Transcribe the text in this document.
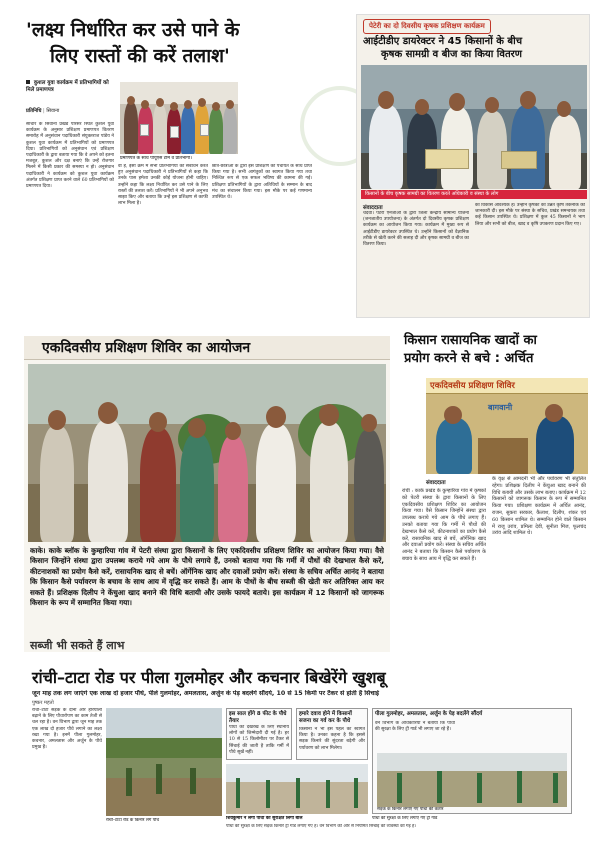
'लक्ष्य निर्धारित कर उसे पाने के
लिए रास्तों की करें तलाश'
कुशल युवा कार्यक्रम में प्रतिभागियों को मिले प्रमाणपत्र
प्रतिनिधि | सिवाना
प्रमाणपत्र के साथ पीयूएस टीम व प्रतिभागी।
सांचौर के सिवाना प्रखंड परिसर स्थित कुशल युवा कार्यक्रम के अनुसार प्रशिक्षण प्रमाणपत्र वितरण समारोह में अनुसंधान पदाधिकारी संयुक्तराज पांडेय ने कुशल युवा कार्यक्रम में प्रतिभागियों को प्रमाणपत्र दिया। प्रतिभागियों को अनुसंधान एवं प्रशिक्षण पदाधिकारी के द्वारा बताया गया कि वे अपने को इतना मजबूत, कुशल और दक्ष बनाएं कि उन्हें रोजगार मिलने में किसी प्रकार की समस्या न हो। अनुसंधान पदाधिकारी ने कार्यक्रम को कुशल युवा कार्यक्रम अंतर्गत प्रशिक्षण प्राप्त करने वाले 60 प्रतिभागियों को प्रमाणपत्र दिया।
वो है, इसी क्रम में सभी प्रतिभागियों को संबोधन करते हुए अनुसंधान पदाधिकारी ने प्रतिभागियों से कहा कि उनके पास हमेशा उनकी कोई योजना होनी चाहिए। उन्होंने कहा कि लक्ष्य निर्धारित कर उसे पाने के लिए रास्तों की तलाश करें। प्रतिभागियों ने भी अपने अनुभव साझा किए और बताया कि उन्हें इस प्रशिक्षण से काफी लाभ मिला है।
छात्र-छात्राओं के द्वारा इस प्रशिक्षण को पंचायत के साथ प्राप्त किया गया है। सभी आगंतुकों का स्वागत किया गया तथा निश्चित रूप से एक सफल भविष्य की कामना की गई। प्रशिक्षण प्रतिभागियों के द्वारा अतिथियों के सम्मान के बाद मंच का संचालन किया गया। इस मौके पर कई गणमान्य उपस्थित थे।
पेटेरी का दो दिवसीय कृषक प्रशिक्षण कार्यक्रम
आईटीडीए डायरेक्टर ने 45 किसानों के बीच
कृषक सामग्री व बीज का किया वितरण
किसानों के बीच कृषक सामग्री का वितरण करते अधिकारी व संस्था के लोग
संवाददाता
चंदवा। पेटेरी एनजीओ के द्वारा जिला केन्द्रीय सामान्य योजना (जनजातीय उपयोजना) के अंतर्गत दो दिवसीय कृषक प्रशिक्षण कार्यक्रम का आयोजन किया गया। कार्यक्रम में मुख्य रूप से आईटीडीए डायरेक्टर उपस्थित थे। उन्होंने किसानों को वैज्ञानिक तरीके से खेती करने की सलाह दी और कृषक सामग्री व बीज का वितरण किया।
का विकास आवश्यक है। उन्होंने कृषकों को उन्नत कृषि तकनीक की जानकारी दी। इस मौके पर संस्था के सचिव, प्रखंड समन्वयक तथा कई किसान उपस्थित थे। प्रशिक्षण में कुल 45 किसानों ने भाग लिया और सभी को बीज, खाद व कृषि उपकरण प्रदान किए गए।
एकदिवसीय प्रशिक्षण शिविर का आयोजन
काके। काके ब्लॉक के कुम्हारिया गांव में पेटरी संस्था द्वारा किसानों के लिए एकदिवसीय प्रशिक्षण शिविर का आयोजन किया गया। वैसे किसान जिन्होंने संस्था द्वारा उपलब्ध कराये गये आम के पौधे लगाये हैं, उनको बताया गया कि गर्मी में पौधों की देखभाल कैसे करें, कीटनाशकों का प्रयोग कैसे करें, रासायनिक खाद से बचें। ऑर्गेनिक खाद और दवाओं प्रयोग करें। संस्था के सचिव अर्चित आनंद ने बताया कि किसान कैसे पर्यावरण के बचाव के साथ आय में वृद्धि कर सकते हैं। आम के पौधों के बीच सब्जी की खेती कर अतिरिक्त आय कर सकते हैं। प्रशिक्षक दिलीप ने केंचुआ खाद बनाने की विधि बतायी और उसके फायदे बताये। इस कार्यक्रम में 12 किसानों को जागरूक किसान के रूप में सम्मानित किया गया।
सब्जी भी सकते हैं लाभ
किसान रासायनिक खादों का
प्रयोग करने से बचे : अर्चित
एकदिवसीय प्रशिक्षण शिविर
बागवानी
संवाददाता
रांची : काके प्रखंड के कुम्हारिया गांव में कृषकों को पेटरी संस्था के द्वारा किसानों के लिए एकदिवसीय प्रशिक्षण शिविर का आयोजन किया गया। वैसे किसान जिन्होंने संस्था द्वारा उपलब्ध कराये गये आम के पौधे लगाए हैं। उनको बताया गया कि गर्मी में पौधों की देखभाल कैसे करें, कीटनाशकों का प्रयोग कैसे करें, रासायनिक खाद से बचें, ऑर्गेनिक खाद और दवाओं प्रयोग करें। संस्था के सचिव अर्चित आनंद ने बताया कि किसान कैसे पर्यावरण के बचाव के साथ आय में वृद्धि कर सकते हैं।
के वृक्ष से आमदनी भी और पर्यावरण भी संतुलित रहेगा। प्रशिक्षक दिलीप ने केंचुआ खाद बनाने की विधि बतायी और उसके लाभ बताए। कार्यक्रम में 12 किसानों को जागरूक किसान के रूप में सम्मानित किया गया। प्रशिक्षण कार्यक्रम में अर्चित आनंद, राजन, सुकरा सरकार, कैलाश, दिलीप, शंकर एवं 60 किसान शामिल थे। सम्मानित होने वाले किसान में राजू उरांव, प्रमिला देवी, सुनीता मिंज, फूलचंद उरांव आदि शामिल थे।
रांची–टाटा रोड पर पीला गुलमोहर और कचनार बिखेरेंगे खुशबू
जून माह तक लग जाएंगे एक लाख दो हजार पौधे, पीले गुलमोहर, अमलतास, अर्जुन के पेड़ बदलेंगे सौंदर्य, 10 से 15 किमी पर टैंकर से होती है सिंचाई
पुष्कर महतो
रांची–टाटा सड़क के दोनों ओर हरियाली बढ़ाने के लिए पौधारोपण का काम तेजी से चल रहा है। वन विभाग द्वारा जून माह तक एक लाख दो हजार पौधे लगाने का लक्ष्य रखा गया है। इनमें पीला गुलमोहर, कचनार, अमलतास और अर्जुन के पौधे प्रमुख हैं।
रांची–टाटा रोड के किनारे लगे पौधे
इस साल होंगे 8 फीट के पौधे तैयार
पौधों की देखरेख के लिए स्थानीय लोगों को जिम्मेदारी दी गई है। हर 10 से 15 किलोमीटर पर टैंकर से सिंचाई की जाती है ताकि गर्मी में पौधे सूखें नहीं।
हमारे दवाव होने में किसानों सजना का गर्व कर के पौधे
किसानों ने भी इस पहल का स्वागत किया है। उनका कहना है कि इससे सड़क किनारे की सुंदरता बढ़ेगी और पर्यावरण को लाभ मिलेगा।
शिवकुमार ने लगी पौधों को सुरक्षित लिंगी बाल
पीला गुलमोहर, अमलतास, अर्जुन के पेड़ बदलेंगे सौंदर्य
वन विभाग के अधिकारियों ने बताया कि पौधों की सुरक्षा के लिए ट्री गार्ड भी लगाए जा रहे हैं।
सड़क के किनारे लगाए गए पौधों की कतार
पौधों की सुरक्षा के लिए लगाए गए ट्री गार्ड
पौधों की सुरक्षा के लिए सड़क किनारे ट्री गार्ड लगाए गए हैं। वन विभाग की ओर से नियमित सिंचाई की व्यवस्था की गई है।
